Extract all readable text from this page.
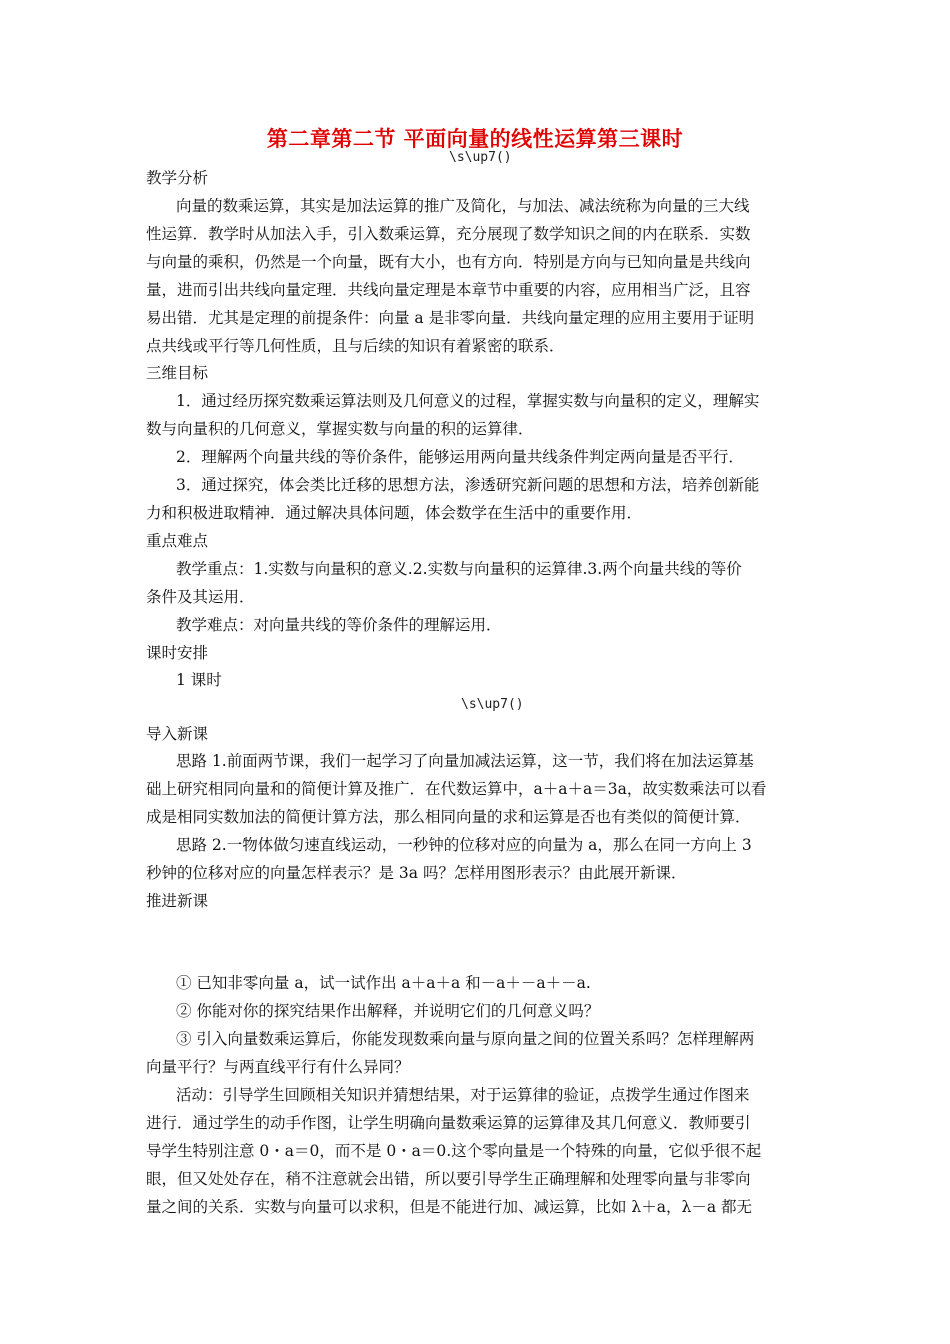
第二章第二节 平面向量的线性运算第三课时
\s\up7()
教学分析
向量的数乘运算，其实是加法运算的推广及简化，与加法、减法统称为向量的三大线
性运算．教学时从加法入手，引入数乘运算，充分展现了数学知识之间的内在联系．实数
与向量的乘积，仍然是一个向量，既有大小，也有方向．特别是方向与已知向量是共线向
量，进而引出共线向量定理．共线向量定理是本章节中重要的内容，应用相当广泛，且容
易出错．尤其是定理的前提条件：向量 a 是非零向量．共线向量定理的应用主要用于证明
点共线或平行等几何性质，且与后续的知识有着紧密的联系．
三维目标
1．通过经历探究数乘运算法则及几何意义的过程，掌握实数与向量积的定义，理解实
数与向量积的几何意义，掌握实数与向量的积的运算律．
2．理解两个向量共线的等价条件，能够运用两向量共线条件判定两向量是否平行．
3．通过探究，体会类比迁移的思想方法，渗透研究新问题的思想和方法，培养创新能
力和积极进取精神．通过解决具体问题，体会数学在生活中的重要作用．
重点难点
教学重点：1.实数与向量积的意义.2.实数与向量积的运算律.3.两个向量共线的等价
条件及其运用．
教学难点：对向量共线的等价条件的理解运用．
课时安排
1 课时
\s\up7()
导入新课
思路 1.前面两节课，我们一起学习了向量加减法运算，这一节，我们将在加法运算基
础上研究相同向量和的简便计算及推广．在代数运算中，a＋a＋a＝3a，故实数乘法可以看
成是相同实数加法的简便计算方法，那么相同向量的求和运算是否也有类似的简便计算．
思路 2.一物体做匀速直线运动，一秒钟的位移对应的向量为 a，那么在同一方向上 3
秒钟的位移对应的向量怎样表示？是 3a 吗？怎样用图形表示？由此展开新课．
推进新课
① 已知非零向量 a，试一试作出 a＋a＋a 和－a＋－a＋－a.
② 你能对你的探究结果作出解释，并说明它们的几何意义吗？
③ 引入向量数乘运算后，你能发现数乘向量与原向量之间的位置关系吗？怎样理解两
向量平行？与两直线平行有什么异同？
活动：引导学生回顾相关知识并猜想结果，对于运算律的验证，点拨学生通过作图来
进行．通过学生的动手作图，让学生明确向量数乘运算的运算律及其几何意义．教师要引
导学生特别注意 0・a＝0，而不是 0・a＝0.这个零向量是一个特殊的向量，它似乎很不起
眼，但又处处存在，稍不注意就会出错，所以要引导学生正确理解和处理零向量与非零向
量之间的关系．实数与向量可以求积，但是不能进行加、减运算，比如 λ＋a，λ－a 都无
